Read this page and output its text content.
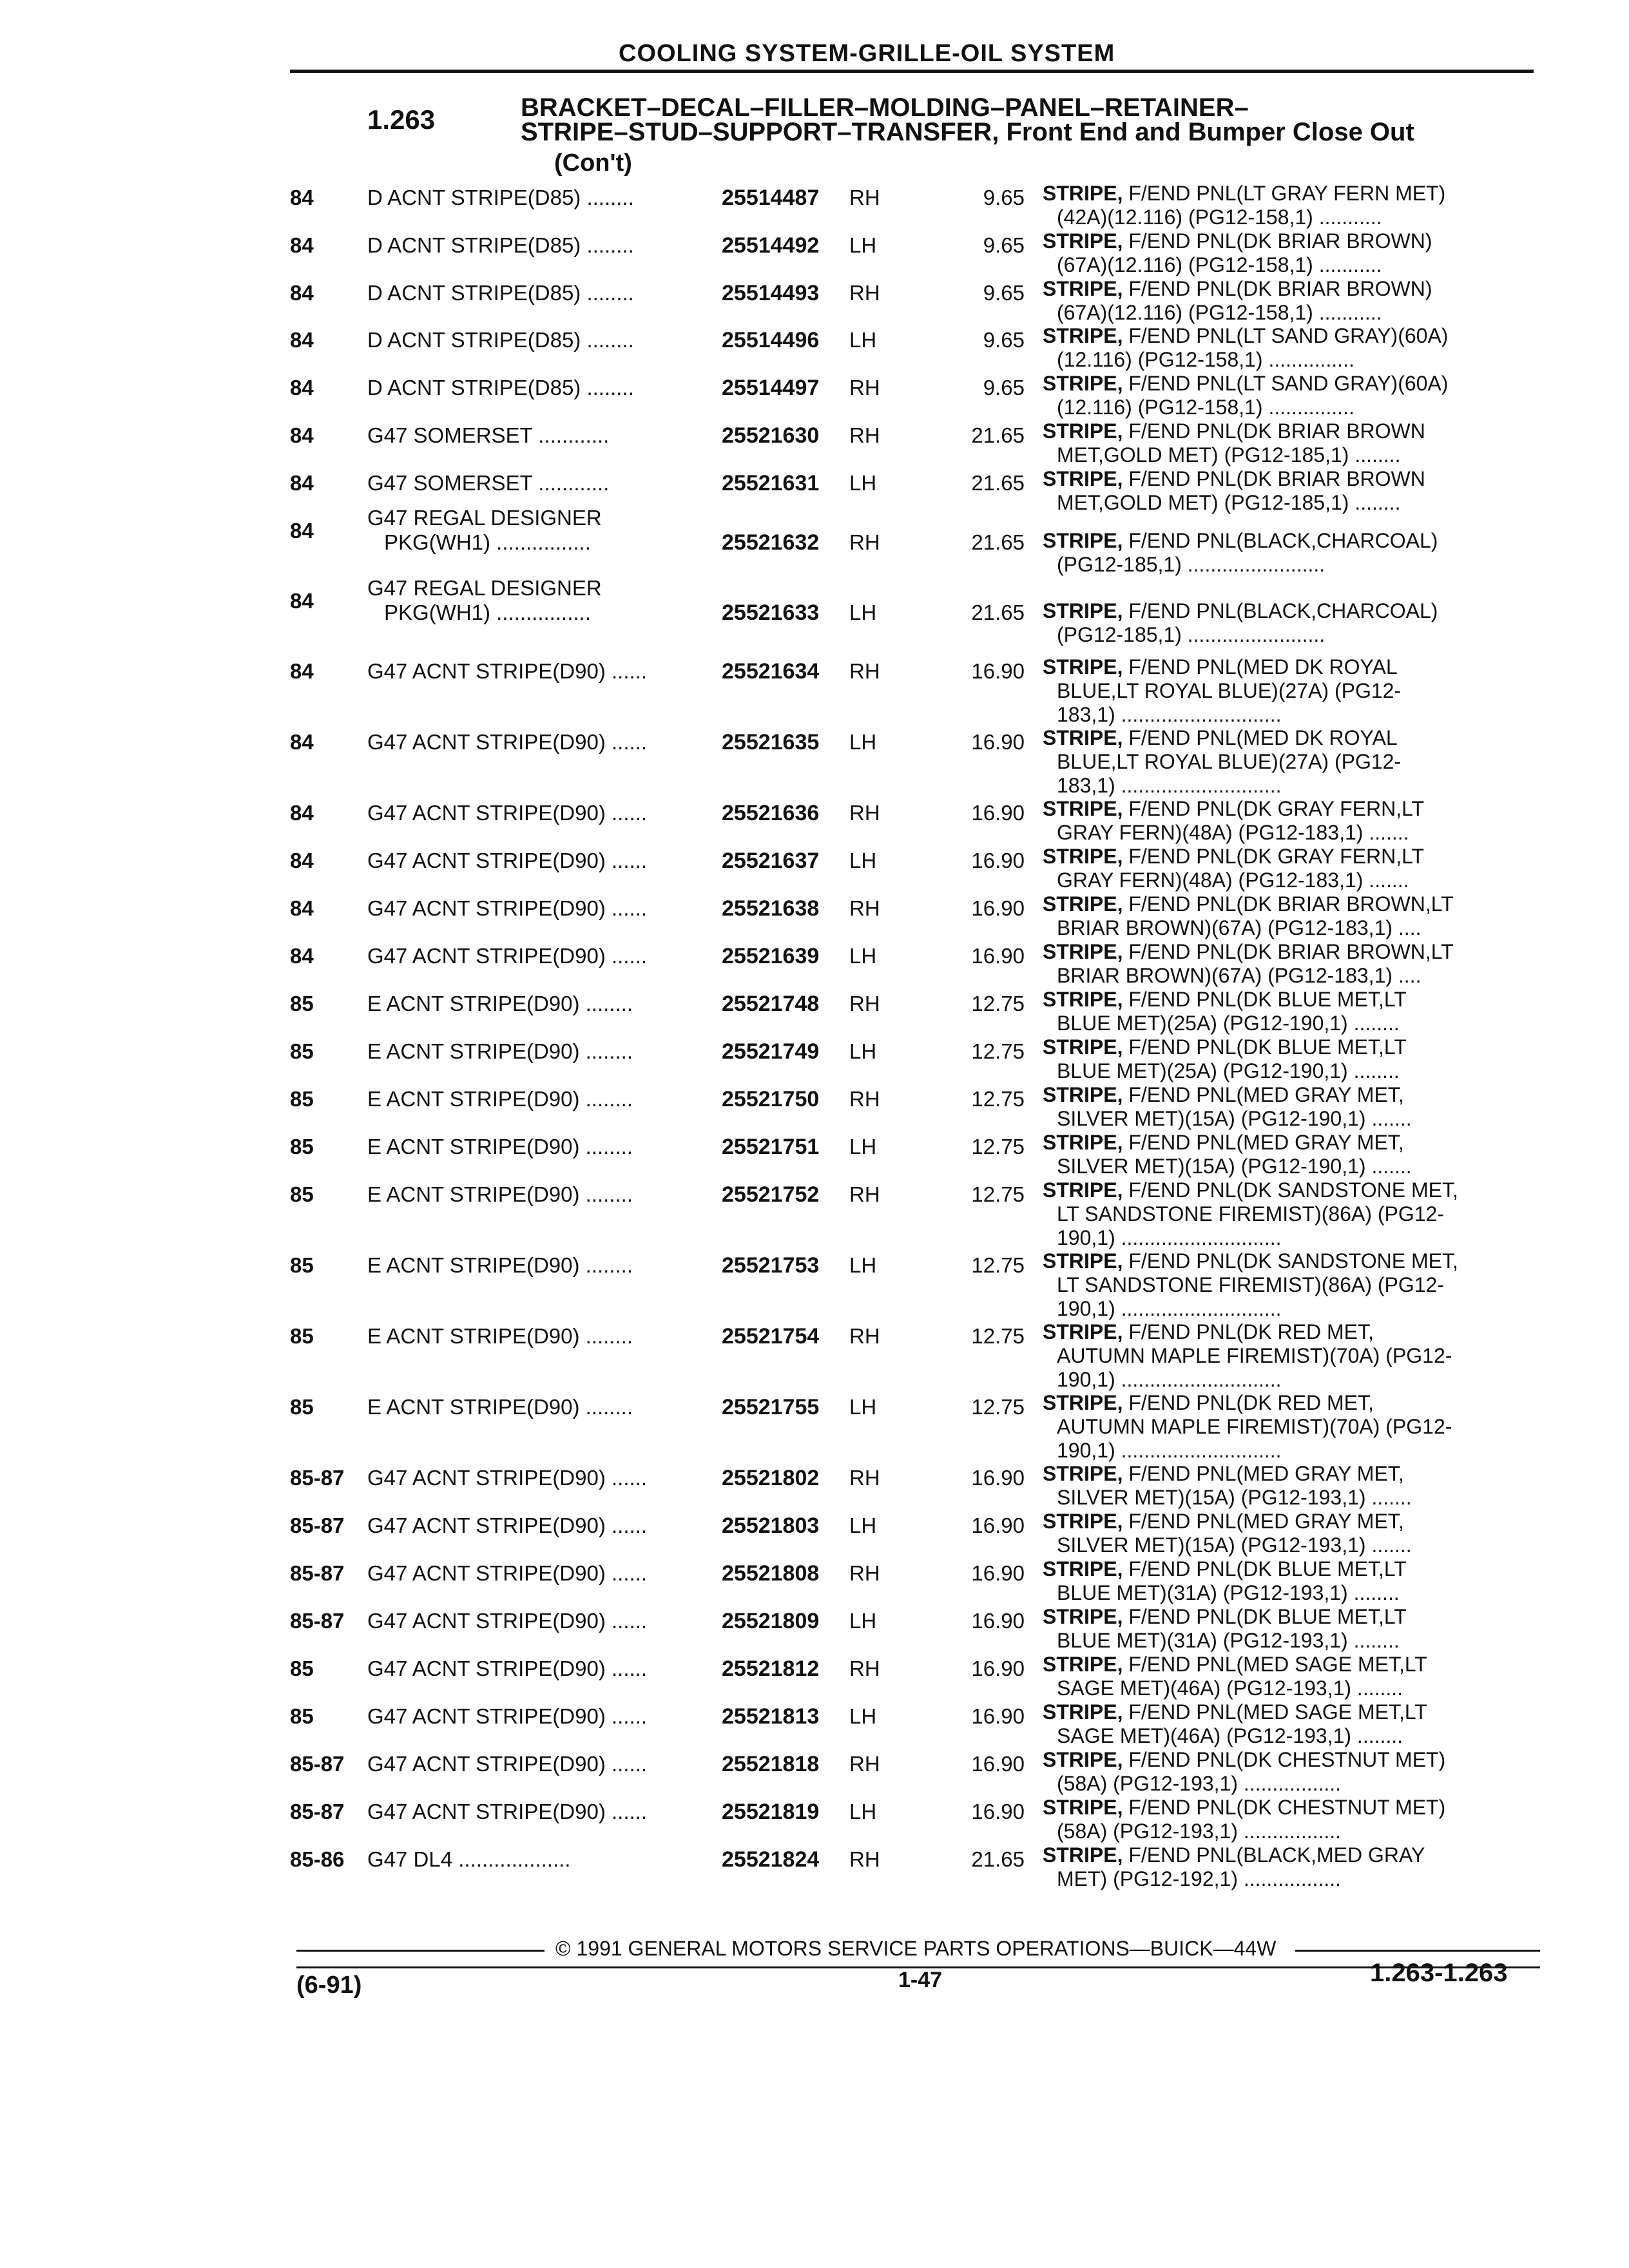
COOLING SYSTEM-GRILLE-OIL SYSTEM
1.263	BRACKET–DECAL–FILLER–MOLDING–PANEL–RETAINER–
STRIPE–STUD–SUPPORT–TRANSFER, Front End and Bumper Close Out
(Con't)
84	D ACNT STRIPE(D85) ........	25514487 RH	9.65 STRIPE, F/END PNL(LT GRAY FERN MET)
(42A)(12.116) (PG12-158,1) ...........
84	D ACNT STRIPE(D85) ........	25514492 LH	9.65 STRIPE, F/END PNL(DK BRIAR BROWN)
(67A)(12.116) (PG12-158,1) ...........
84	D ACNT STRIPE(D85) ........	25514493 RH	9.65 STRIPE, F/END PNL(DK BRIAR BROWN)
(67A)(12.116) (PG12-158,1) ...........
84	D ACNT STRIPE(D85) ........	25514496 LH	9.65 STRIPE, F/END PNL(LT SAND GRAY)(60A)
(12.116) (PG12-158,1) ...............
84	D ACNT STRIPE(D85) ........	25514497 RH	9.65 STRIPE, F/END PNL(LT SAND GRAY)(60A)
(12.116) (PG12-158,1) ...............
84	G47 SOMERSET ............	25521630 RH	21.65 STRIPE, F/END PNL(DK BRIAR BROWN
MET,GOLD MET) (PG12-185,1) ........
84	G47 SOMERSET ............	25521631 LH	21.65 STRIPE, F/END PNL(DK BRIAR BROWN
MET,GOLD MET) (PG12-185,1) ........
84
G47 REGAL DESIGNER
PKG(WH1) ................	25521632 RH	21.65 STRIPE, F/END PNL(BLACK,CHARCOAL)
(PG12-185,1) ........................
84
G47 REGAL DESIGNER
PKG(WH1) ................	25521633 LH	21.65 STRIPE, F/END PNL(BLACK,CHARCOAL)
(PG12-185,1) ........................
84	G47 ACNT STRIPE(D90) ......	25521634 RH	16.90 STRIPE, F/END PNL(MED DK ROYAL
BLUE,LT ROYAL BLUE)(27A) (PG12-
183,1) ............................
84	G47 ACNT STRIPE(D90) ......	25521635 LH	16.90 STRIPE, F/END PNL(MED DK ROYAL
BLUE,LT ROYAL BLUE)(27A) (PG12-
183,1) ............................
84	G47 ACNT STRIPE(D90) ......	25521636 RH	16.90 STRIPE, F/END PNL(DK GRAY FERN,LT
GRAY FERN)(48A) (PG12-183,1) .......
84	G47 ACNT STRIPE(D90) ......	25521637 LH	16.90 STRIPE, F/END PNL(DK GRAY FERN,LT
GRAY FERN)(48A) (PG12-183,1) .......
84	G47 ACNT STRIPE(D90) ......	25521638 RH	16.90 STRIPE, F/END PNL(DK BRIAR BROWN,LT
BRIAR BROWN)(67A) (PG12-183,1) ....
84	G47 ACNT STRIPE(D90) ......	25521639 LH	16.90 STRIPE, F/END PNL(DK BRIAR BROWN,LT
BRIAR BROWN)(67A) (PG12-183,1) ....
85	E ACNT STRIPE(D90) ........	25521748 RH	12.75 STRIPE, F/END PNL(DK BLUE MET,LT
BLUE MET)(25A) (PG12-190,1) ........
85	E ACNT STRIPE(D90) ........	25521749 LH	12.75 STRIPE, F/END PNL(DK BLUE MET,LT
BLUE MET)(25A) (PG12-190,1) ........
85	E ACNT STRIPE(D90) ........	25521750 RH	12.75 STRIPE, F/END PNL(MED GRAY MET,
SILVER MET)(15A) (PG12-190,1) .......
85	E ACNT STRIPE(D90) ........	25521751 LH	12.75 STRIPE, F/END PNL(MED GRAY MET,
SILVER MET)(15A) (PG12-190,1) .......
85	E ACNT STRIPE(D90) ........	25521752 RH	12.75 STRIPE, F/END PNL(DK SANDSTONE MET,
LT SANDSTONE FIREMIST)(86A) (PG12-
190,1) ............................
85	E ACNT STRIPE(D90) ........	25521753 LH	12.75 STRIPE, F/END PNL(DK SANDSTONE MET,
LT SANDSTONE FIREMIST)(86A) (PG12-
190,1) ............................
85	E ACNT STRIPE(D90) ........	25521754 RH	12.75 STRIPE, F/END PNL(DK RED MET,
AUTUMN MAPLE FIREMIST)(70A) (PG12-
190,1) ............................
85	E ACNT STRIPE(D90) ........	25521755 LH	12.75 STRIPE, F/END PNL(DK RED MET,
AUTUMN MAPLE FIREMIST)(70A) (PG12-
190,1) ............................
85-87	G47 ACNT STRIPE(D90) ......	25521802 RH	16.90 STRIPE, F/END PNL(MED GRAY MET,
SILVER MET)(15A) (PG12-193,1) .......
85-87	G47 ACNT STRIPE(D90) ......	25521803 LH	16.90 STRIPE, F/END PNL(MED GRAY MET,
SILVER MET)(15A) (PG12-193,1) .......
85-87	G47 ACNT STRIPE(D90) ......	25521808 RH	16.90 STRIPE, F/END PNL(DK BLUE MET,LT
BLUE MET)(31A) (PG12-193,1) ........
85-87	G47 ACNT STRIPE(D90) ......	25521809 LH	16.90 STRIPE, F/END PNL(DK BLUE MET,LT
BLUE MET)(31A) (PG12-193,1) ........
85	G47 ACNT STRIPE(D90) ......	25521812 RH	16.90 STRIPE, F/END PNL(MED SAGE MET,LT
SAGE MET)(46A) (PG12-193,1) ........
85	G47 ACNT STRIPE(D90) ......	25521813 LH	16.90 STRIPE, F/END PNL(MED SAGE MET,LT
SAGE MET)(46A) (PG12-193,1) ........
85-87	G47 ACNT STRIPE(D90) ......	25521818 RH	16.90 STRIPE, F/END PNL(DK CHESTNUT MET)
(58A) (PG12-193,1) .................
85-87	G47 ACNT STRIPE(D90) ......	25521819 LH	16.90 STRIPE, F/END PNL(DK CHESTNUT MET)
(58A) (PG12-193,1) .................
85-86	G47 DL4 ...................	25521824 RH	21.65 STRIPE, F/END PNL(BLACK,MED GRAY
MET) (PG12-192,1) .................
© 1991 GENERAL MOTORS SERVICE PARTS OPERATIONS—BUICK—44W
(6-91)	1-47	1.263-1.263
